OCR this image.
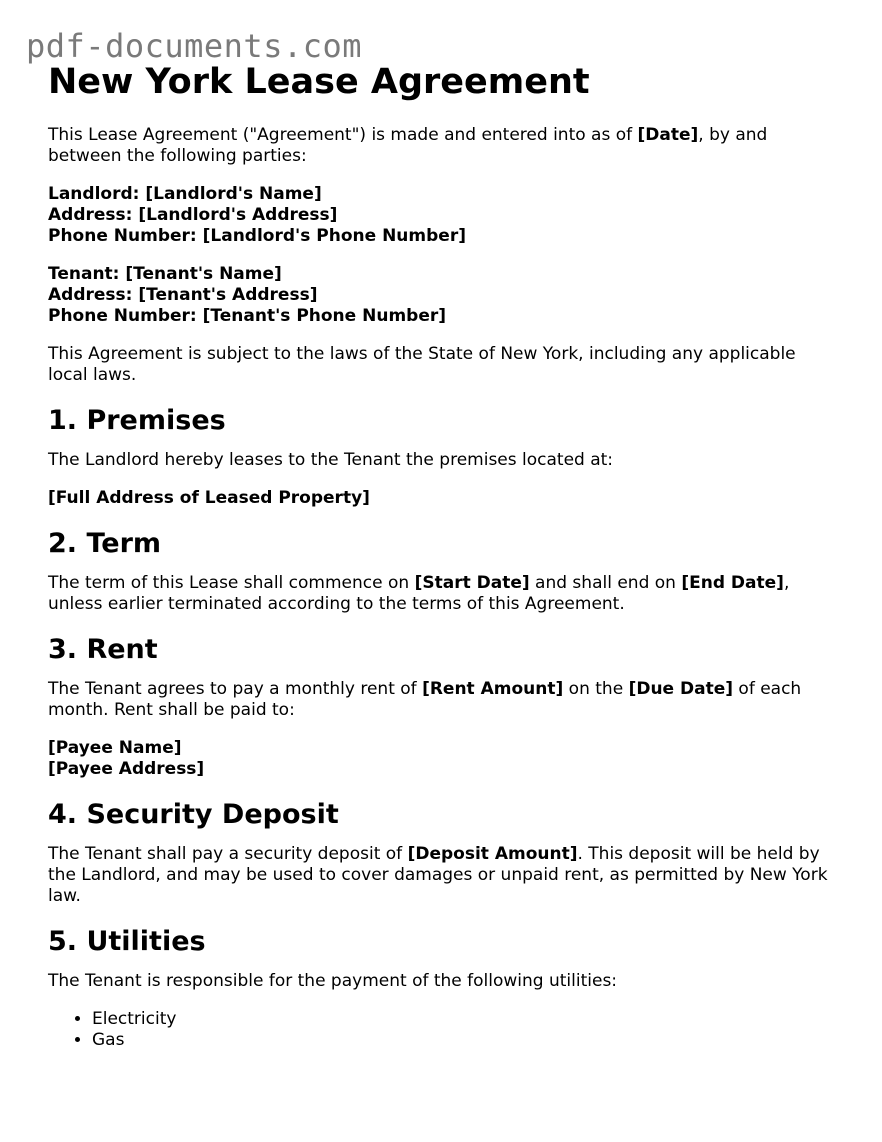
pdf-documents.com
New York Lease Agreement

This Lease Agreement ("Agreement") is made and entered into as of [Date], by and between the following parties:

Landlord: [Landlord's Name]
Address: [Landlord's Address]
Phone Number: [Landlord's Phone Number]

Tenant: [Tenant's Name]
Address: [Tenant's Address]
Phone Number: [Tenant's Phone Number]

This Agreement is subject to the laws of the State of New York, including any applicable local laws.

1. Premises

The Landlord hereby leases to the Tenant the premises located at:

[Full Address of Leased Property]

2. Term

The term of this Lease shall commence on [Start Date] and shall end on [End Date], unless earlier terminated according to the terms of this Agreement.

3. Rent

The Tenant agrees to pay a monthly rent of [Rent Amount] on the [Due Date] of each month. Rent shall be paid to:

[Payee Name]
[Payee Address]

4. Security Deposit

The Tenant shall pay a security deposit of [Deposit Amount]. This deposit will be held by the Landlord, and may be used to cover damages or unpaid rent, as permitted by New York law.

5. Utilities

The Tenant is responsible for the payment of the following utilities:

• Electricity
• Gas
